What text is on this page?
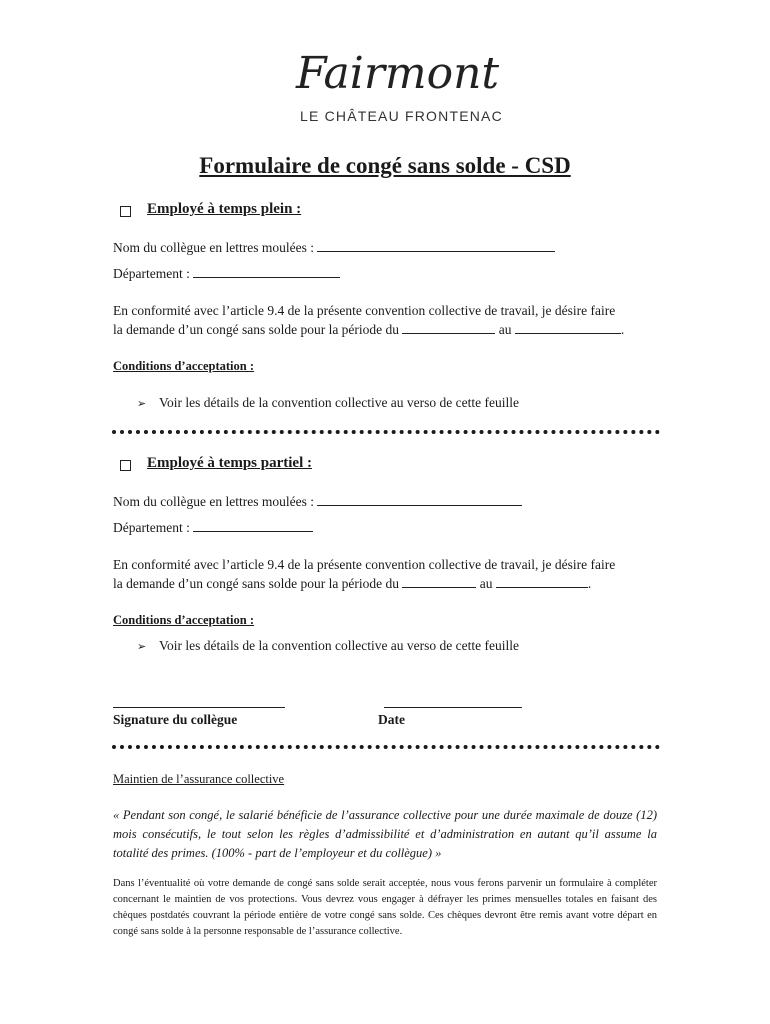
Fairmont
LE CHÂTEAU FRONTENAC
Formulaire de congé sans solde - CSD
Employé à temps plein :
Nom du collègue en lettres moulées :
Département :
En conformité avec l’article 9.4 de la présente convention collective de travail, je désire faire
la demande d’un congé sans solde pour la période du	au	.
Conditions d’acceptation :
➢ Voir les détails de la convention collective au verso de cette feuille
Employé à temps partiel :
Nom du collègue en lettres moulées :
Département :
En conformité avec l’article 9.4 de la présente convention collective de travail, je désire faire
la demande d’un congé sans solde pour la période du	au	.
Conditions d’acceptation :
➢ Voir les détails de la convention collective au verso de cette feuille
Signature du collègue	Date
Maintien de l’assurance collective
« Pendant son congé, le salarié bénéficie de l’assurance collective pour une durée maximale de douze (12) mois consécutifs, le tout selon les règles d’admissibilité et d’administration en autant qu’il assume la totalité des primes. (100% - part de l’employeur et du collègue) »
Dans l’éventualité où votre demande de congé sans solde serait acceptée, nous vous ferons parvenir un formulaire à compléter concernant le maintien de vos protections. Vous devrez vous engager à défrayer les primes mensuelles totales en faisant des chèques postdatés couvrant la période entière de votre congé sans solde. Ces chèques devront être remis avant votre départ en congé sans solde à la personne responsable de l’assurance collective.
